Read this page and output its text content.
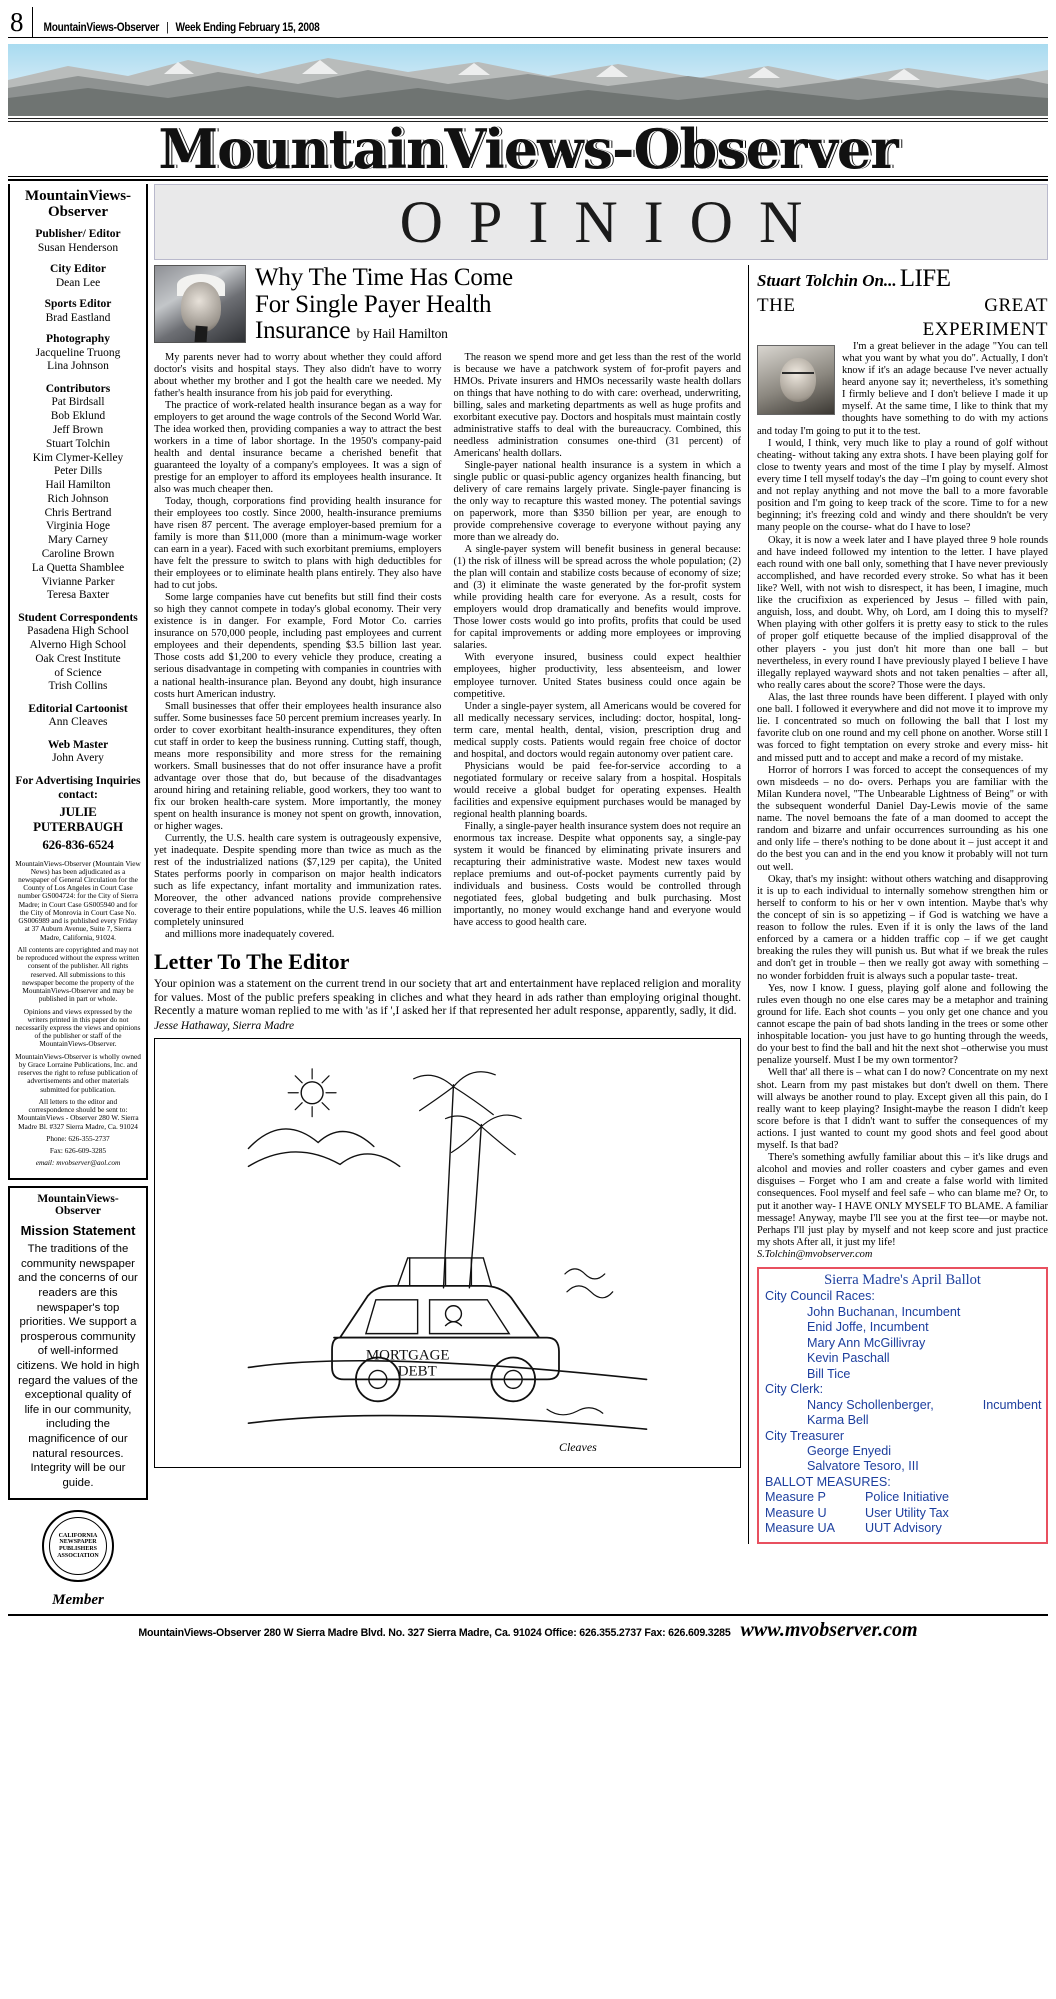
8	MountainViews-Observer | Week Ending February 15, 2008
MountainViews-Observer
MountainViews-
Observer
Publisher/ Editor
Susan Henderson
City Editor
Dean Lee
Sports Editor
Brad Eastland
Photography
Jacqueline Truong
Lina Johnson
Contributors
Pat Birdsall
Bob Eklund
Jeff Brown
Stuart Tolchin
Kim Clymer-Kelley
Peter Dills
Hail Hamilton
Rich Johnson
Chris Bertrand
Virginia Hoge
Mary Carney
Caroline Brown
La Quetta Shamblee
Vivianne Parker
Teresa Baxter
Student Correspondents
Pasadena High School
Alverno High School
Oak Crest Institute
of Science
Trish Collins
Editorial Cartoonist
Ann Cleaves
Web Master
John Avery
For Advertising Inquiries
contact:
JULIE PUTERBAUGH
626-836-6524

MountainViews-Observer (Mountain View News) has been adjudicated as a newspaper of General Circulation for the County of Los Angeles in Court Case number GS004724: for the City of Sierra Madre; in Court Case GS005940 and for the City of Monrovia in Court Case No. GS006989 and is published every Friday at 37 Auburn Avenue, Suite 7, Sierra Madre, California, 91024.

All contents are copyrighted and may not be reproduced without the express written consent of the publisher. All rights reserved. All submissions to this newspaper become the property of the MountainViews-Observer and may be published in part or whole.

Opinions and views expressed by the writers printed in this paper do not necessarily express the views and opinions of the publisher or staff of the MountainViews-Observer.

MountainViews-Observer is wholly owned by Grace Lorraine Publications, Inc. and reserves the right to refuse publication of advertisements and other materials submitted for publication.

All letters to the editor and correspondence should be sent to: MountainViews - Observer 280 W. Sierra Madre Bl. #327 Sierra Madre, Ca. 91024

Phone: 626-355-2737

Fax: 626-609-3285

email: mvobserver@aol.com

MountainViews-
Observer
Mission Statement
The traditions of the community newspaper and the concerns of our readers are this newspaper's top priorities. We support a prosperous community of well-informed citizens. We hold in high regard the values of the exceptional quality of life in our community, including the magnificence of our natural resources. Integrity will be our guide.
CALIFORNIA NEWSPAPER PUBLISHERS ASSOCIATION
Member
OPINION
Why The Time Has Come
For Single Payer Health
Insurance by Hail Hamilton

My parents never had to worry about whether they could afford doctor's visits and hospital stays. They also didn't have to worry about whether my brother and I got the health care we needed. My father's health insurance from his job paid for everything.

The practice of work-related health insurance began as a way for employers to get around the wage controls of the Second World War. The idea worked then, providing companies a way to attract the best workers in a time of labor shortage. In the 1950's company-paid health and dental insurance became a cherished benefit that guaranteed the loyalty of a company's employees. It was a sign of prestige for an employer to afford its employees health insurance. It also was much cheaper then.

Today, though, corporations find providing health insurance for their employees too costly. Since 2000, health-insurance premiums have risen 87 percent. The average employer-based premium for a family is more than $11,000 (more than a minimum-wage worker can earn in a year). Faced with such exorbitant premiums, employers have felt the pressure to switch to plans with high deductibles for their employees or to eliminate health plans entirely. They also have had to cut jobs.

Some large companies have cut benefits but still find their costs so high they cannot compete in today's global economy. Their very existence is in danger. For example, Ford Motor Co. carries insurance on 570,000 people, including past employees and current employees and their dependents, spending $3.5 billion last year. Those costs add $1,200 to every vehicle they produce, creating a serious disadvantage in competing with companies in countries with a national health-insurance plan. Beyond any doubt, high insurance costs hurt American industry.

Small businesses that offer their employees health insurance also suffer. Some businesses face 50 percent premium increases yearly. In order to cover exorbitant health-insurance expenditures, they often cut staff in order to keep the business running. Cutting staff, though, means more responsibility and more stress for the remaining workers. Small businesses that do not offer insurance have a profit advantage over those that do, but because of the disadvantages around hiring and retaining reliable, good workers, they too want to fix our broken health-care system. More importantly, the money spent on health insurance is money not spent on growth, innovation, or higher wages.

Currently, the U.S. health care system is outrageously expensive, yet inadequate. Despite spending more than twice as much as the rest of the industrialized nations ($7,129 per capita), the United States performs poorly in comparison on major health indicators such as life expectancy, infant mortality and immunization rates. Moreover, the other advanced nations provide comprehensive coverage to their entire populations, while the U.S. leaves 46 million completely uninsured

and millions more inadequately covered.

The reason we spend more and get less than the rest of the world is because we have a patchwork system of for-profit payers and HMOs. Private insurers and HMOs necessarily waste health dollars on things that have nothing to do with care: overhead, underwriting, billing, sales and marketing departments as well as huge profits and exorbitant executive pay. Doctors and hospitals must maintain costly administrative staffs to deal with the bureaucracy. Combined, this needless administration consumes one-third (31 percent) of Americans' health dollars.

Single-payer national health insurance is a system in which a single public or quasi-public agency organizes health financing, but delivery of care remains largely private. Single-payer financing is the only way to recapture this wasted money. The potential savings on paperwork, more than $350 billion per year, are enough to provide comprehensive coverage to everyone without paying any more than we already do.

A single-payer system will benefit business in general because: (1) the risk of illness will be spread across the whole population; (2) the plan will contain and stabilize costs because of economy of size; and (3) it eliminate the waste generated by the for-profit system while providing health care for everyone. As a result, costs for employers would drop dramatically and benefits would improve. Those lower costs would go into profits, profits that could be used for capital improvements or adding more employees or improving salaries.

With everyone insured, business could expect healthier employees, higher productivity, less absenteeism, and lower employee turnover. United States business could once again be competitive.

Under a single-payer system, all Americans would be covered for all medically necessary services, including: doctor, hospital, long-term care, mental health, dental, vision, prescription drug and medical supply costs. Patients would regain free choice of doctor and hospital, and doctors would regain autonomy over patient care.

Physicians would be paid fee-for-service according to a negotiated formulary or receive salary from a hospital. Hospitals would receive a global budget for operating expenses. Health facilities and expensive equipment purchases would be managed by regional health planning boards.

Finally, a single-payer health insurance system does not require an enormous tax increase. Despite what opponents say, a single-pay system it would be financed by eliminating private insurers and recapturing their administrative waste. Modest new taxes would replace premiums and out-of-pocket payments currently paid by individuals and business. Costs would be controlled through negotiated fees, global budgeting and bulk purchasing. Most importantly, no money would exchange hand and everyone would have access to good health care.

Letter To The Editor
Your opinion was a statement on the current trend in our society that art and entertainment have replaced religion and morality for values. Most of the public prefers speaking in cliches and what they heard in ads rather than employing original thought. Recently a mature woman replied to me with 'as if ',I asked her if that represented her adult response, apparently, sadly, it did.
Jesse Hathaway, Sierra Madre
MORTGAGE
DEBT
Cleaves
Stuart Tolchin On... LIFE
THE	GREAT
EXPERIMENT

I'm a great believer in the adage "You can tell what you want by what you do". Actually, I don't know if it's an adage because I've never actually heard anyone say it; nevertheless, it's something I firmly believe and I don't believe I made it up myself. At the same time, I like to think that my thoughts have something to do with my actions and today I'm going to put it to the test.

I would, I think, very much like to play a round of golf without cheating- without taking any extra shots. I have been playing golf for close to twenty years and most of the time I play by myself. Almost every time I tell myself today's the day –I'm going to count every shot and not replay anything and not move the ball to a more favorable position and I'm going to keep track of the score. Time to for a new beginning; it's freezing cold and windy and there shouldn't be very many people on the course- what do I have to lose?

Okay, it is now a week later and I have played three 9 hole rounds and have indeed followed my intention to the letter. I have played each round with one ball only, something that I have never previously accomplished, and have recorded every stroke. So what has it been like? Well, with not wish to disrespect, it has been, I imagine, much like the crucifixion as experienced by Jesus – filled with pain, anguish, loss, and doubt. Why, oh Lord, am I doing this to myself? When playing with other golfers it is pretty easy to stick to the rules of proper golf etiquette because of the implied disapproval of the other players - you just don't hit more than one ball – but nevertheless, in every round I have previously played I believe I have illegally replayed wayward shots and not taken penalties – after all, who really cares about the score? Those were the days.

Alas, the last three rounds have been different. I played with only one ball. I followed it everywhere and did not move it to improve my lie. I concentrated so much on following the ball that I lost my favorite club on one round and my cell phone on another. Worse still I was forced to fight temptation on every stroke and every miss- hit and missed putt and to accept and make a record of my mistake.

Horror of horrors I was forced to accept the consequences of my own misdeeds – no do- overs. Perhaps you are familiar with the Milan Kundera novel, "The Unbearable Lightness of Being" or with the subsequent wonderful Daniel Day-Lewis movie of the same name. The novel bemoans the fate of a man doomed to accept the random and bizarre and unfair occurrences surrounding as his one and only life – there's nothing to be done about it – just accept it and do the best you can and in the end you know it probably will not turn out well.

Okay, that's my insight: without others watching and disapproving it is up to each individual to internally somehow strengthen him or herself to conform to his or her v own intention. Maybe that's why the concept of sin is so appetizing – if God is watching we have a reason to follow the rules. Even if it is only the laws of the land enforced by a camera or a hidden traffic cop – if we get caught breaking the rules they will punish us. But what if we break the rules and don't get in trouble – then we really got away with something – no wonder forbidden fruit is always such a popular taste- treat.

Yes, now I know. I guess, playing golf alone and following the rules even though no one else cares may be a metaphor and training ground for life. Each shot counts – you only get one chance and you cannot escape the pain of bad shots landing in the trees or some other inhospitable location- you just have to go hunting through the weeds, do your best to find the ball and hit the next shot –otherwise you must penalize yourself. Must I be my own tormentor?

Well that' all there is – what can I do now? Concentrate on my next shot. Learn from my past mistakes but don't dwell on them. There will always be another round to play. Except given all this pain, do I really want to keep playing? Insight-maybe the reason I didn't keep score before is that I didn't want to suffer the consequences of my actions. I just wanted to count my good shots and feel good about myself. Is that bad?

There's something awfully familiar about this – it's like drugs and alcohol and movies and roller coasters and cyber games and even disguises – Forget who I am and create a false world with limited consequences. Fool myself and feel safe – who can blame me? Or, to put it another way- I HAVE ONLY MYSELF TO BLAME. A familiar message! Anyway, maybe I'll see you at the first tee—or maybe not. Perhaps I'll just play by myself and not keep score and just practice my shots After all, it just my life!

S.Tolchin@mvobserver.com

Sierra Madre's April Ballot
City Council Races:
John Buchanan, Incumbent
Enid Joffe, Incumbent
Mary Ann McGillivray
Kevin Paschall
Bill Tice
City Clerk:
Nancy Schollenberger,              Incumbent
Karma Bell
City Treasurer
George Enyedi
Salvatore Tesoro, III
BALLOT MEASURES:
Measure P	Police Initiative
Measure U	User Utility Tax
Measure UA	UUT Advisory
MountainViews-Observer 280 W Sierra Madre Blvd. No. 327 Sierra Madre, Ca. 91024 Office: 626.355.2737 Fax: 626.609.3285 www.mvobserver.com
